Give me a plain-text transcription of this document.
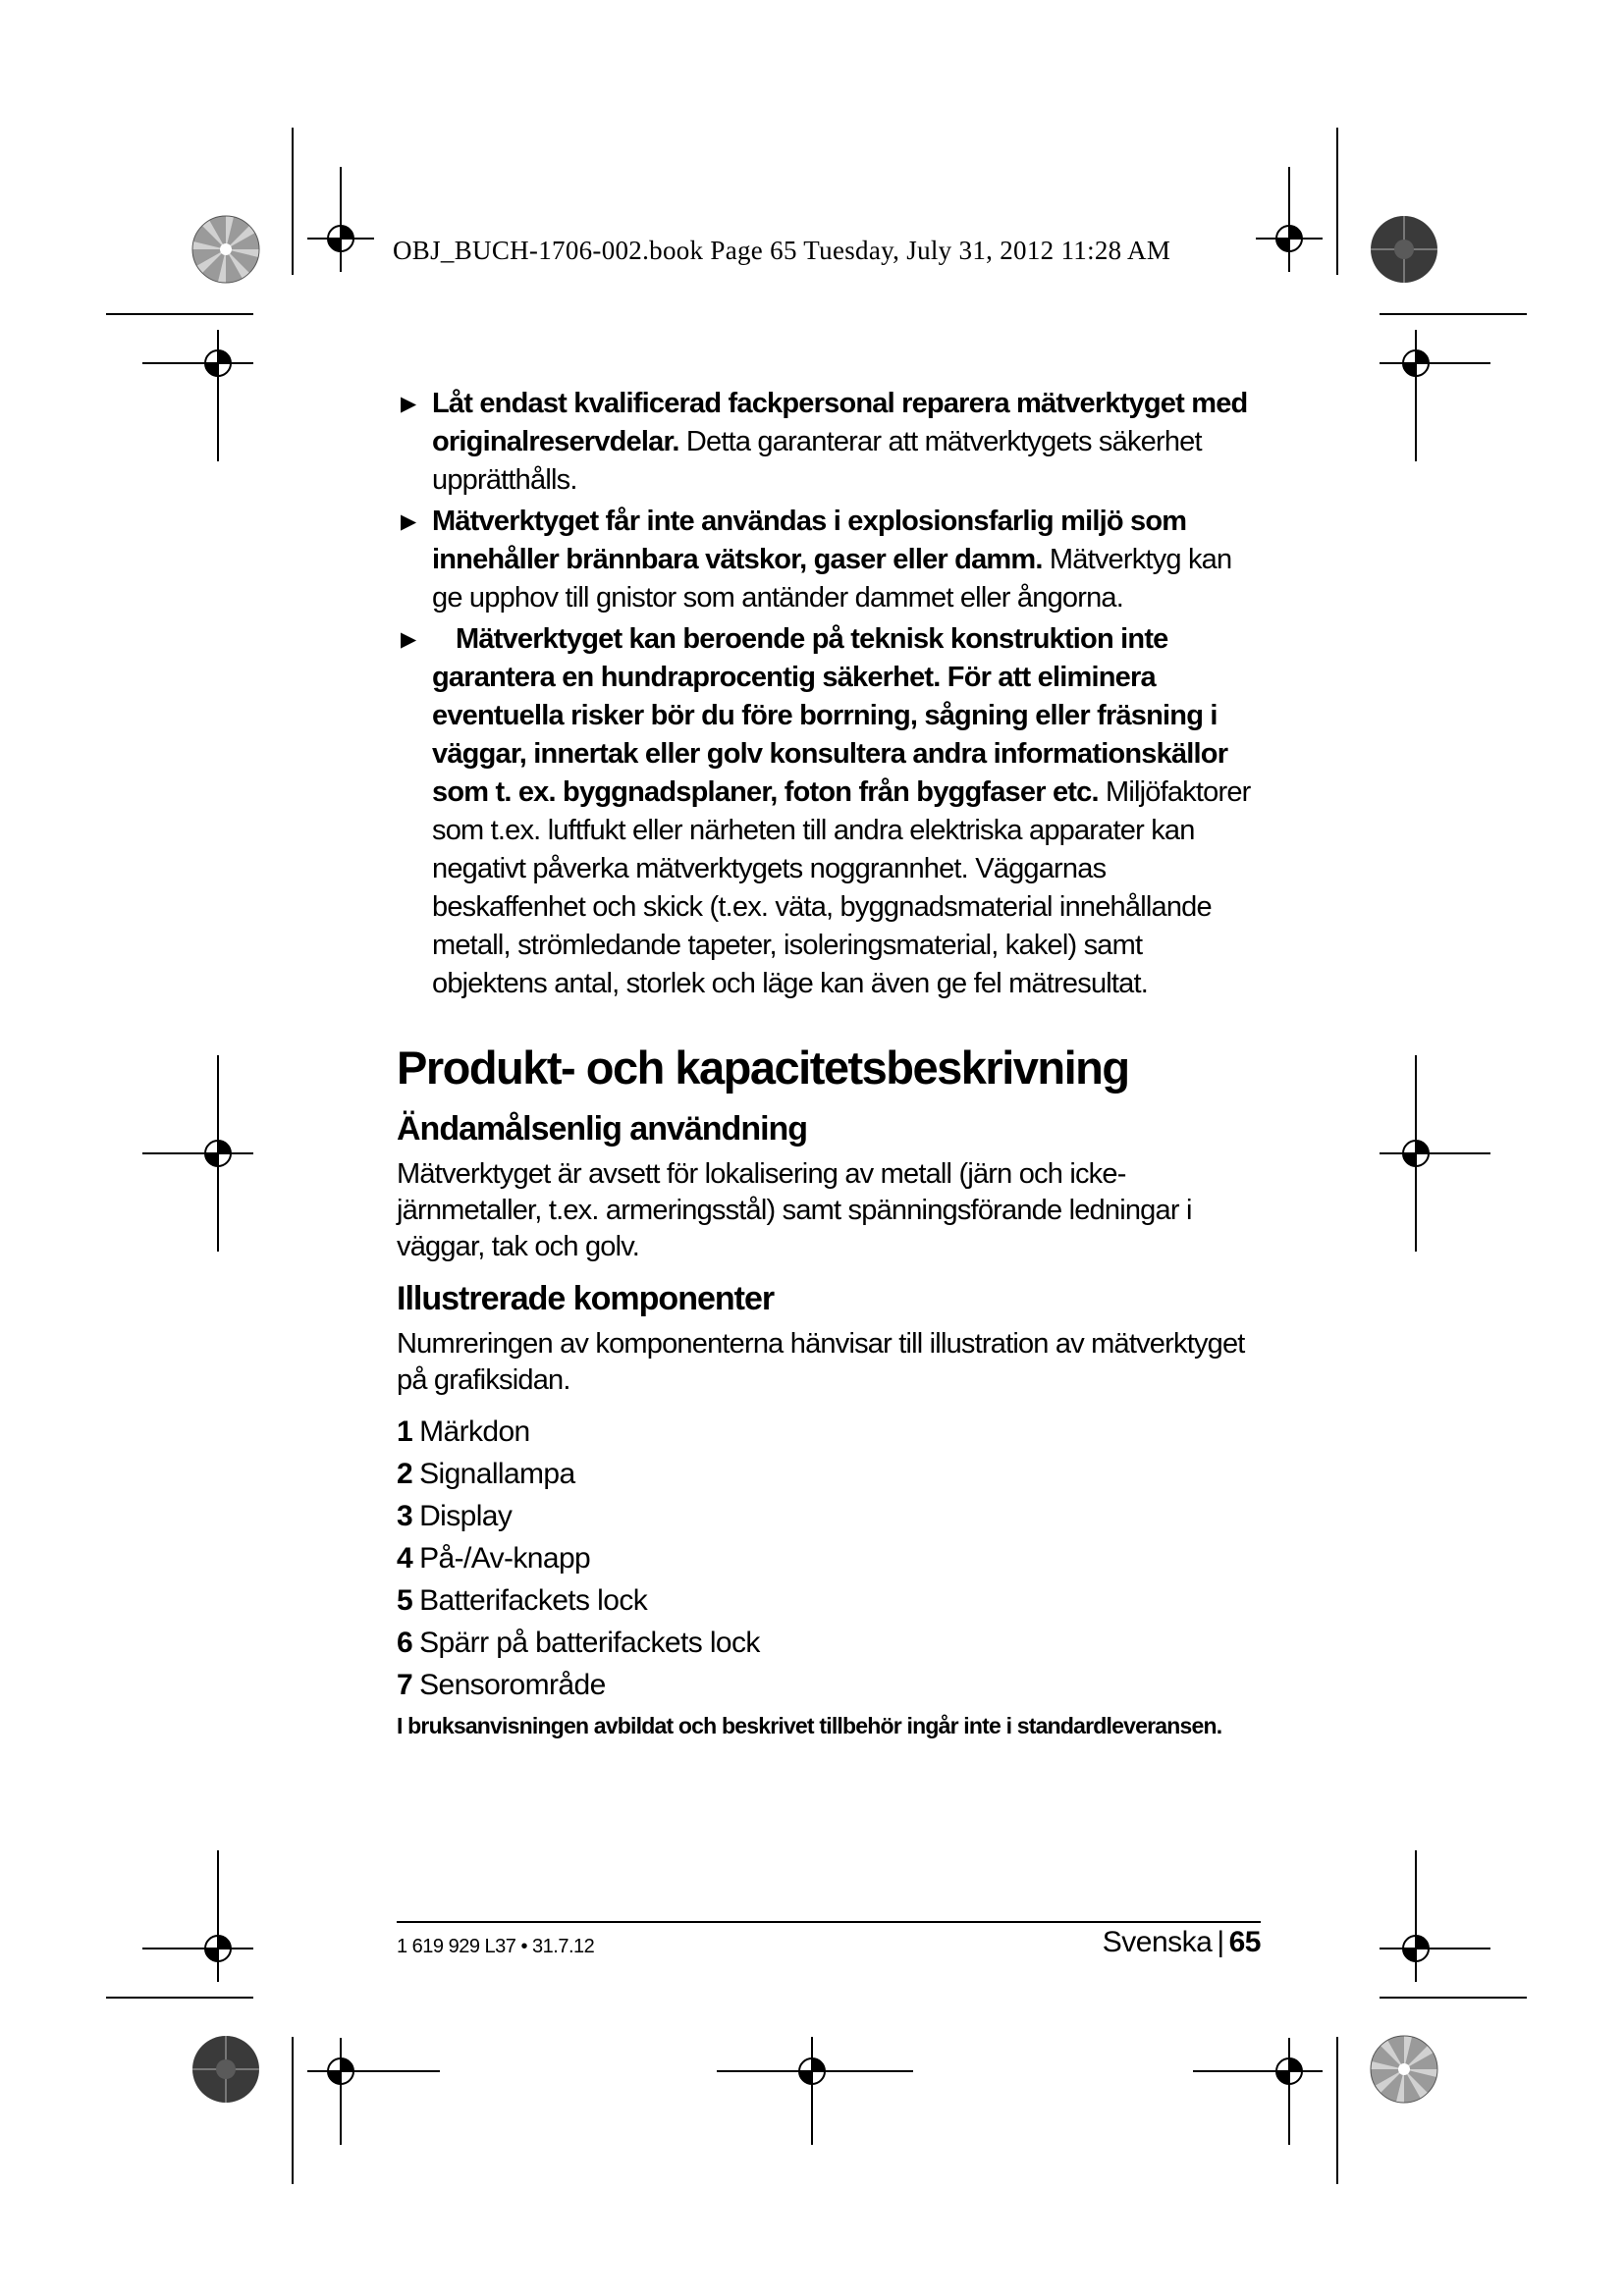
OBJ_BUCH-1706-002.book Page 65 Tuesday, July 31, 2012 11:28 AM
▶ Låt endast kvalificerad fackpersonal reparera mätverktyget med originalreservdelar. Detta garanterar att mätverktygets säkerhet upprätthålls.
▶ Mätverktyget får inte användas i explosionsfarlig miljö som innehåller brännbara vätskor, gaser eller damm. Mätverktyg kan ge upphov till gnistor som antänder dammet eller ångorna.
▶ Mätverktyget kan beroende på teknisk konstruktion inte garantera en hundraprocentig säkerhet. För att eliminera eventuella risker bör du före borrning, sågning eller fräsning i väggar, innertak eller golv konsultera andra informationskällor som t. ex. byggnadsplaner, foton från byggfaser etc. Miljöfaktorer som t.ex. luftfukt eller närheten till andra elektriska apparater kan negativt påverka mätverktygets noggrannhet. Väggarnas beskaffenhet och skick (t.ex. väta, byggnadsmaterial innehållande metall, strömledande tapeter, isoleringsmaterial, kakel) samt objektens antal, storlek och läge kan även ge fel mätresultat.
Produkt- och kapacitetsbeskrivning
Ändamålsenlig användning

Mätverktyget är avsett för lokalisering av metall (järn och icke-järnmetaller, t.ex. armeringsstål) samt spänningsförande ledningar i väggar, tak och golv.

Illustrerade komponenter

Numreringen av komponenterna hänvisar till illustration av mätverktyget på grafiksidan.

1 Märkdon
2 Signallampa
3 Display
4 På-/Av-knapp
5 Batterifackets lock
6 Spärr på batterifackets lock
7 Sensorområde

I bruksanvisningen avbildat och beskrivet tillbehör ingår inte i standardleveransen.

1 619 929 L37 • 31.7.12	Svenska | 65
